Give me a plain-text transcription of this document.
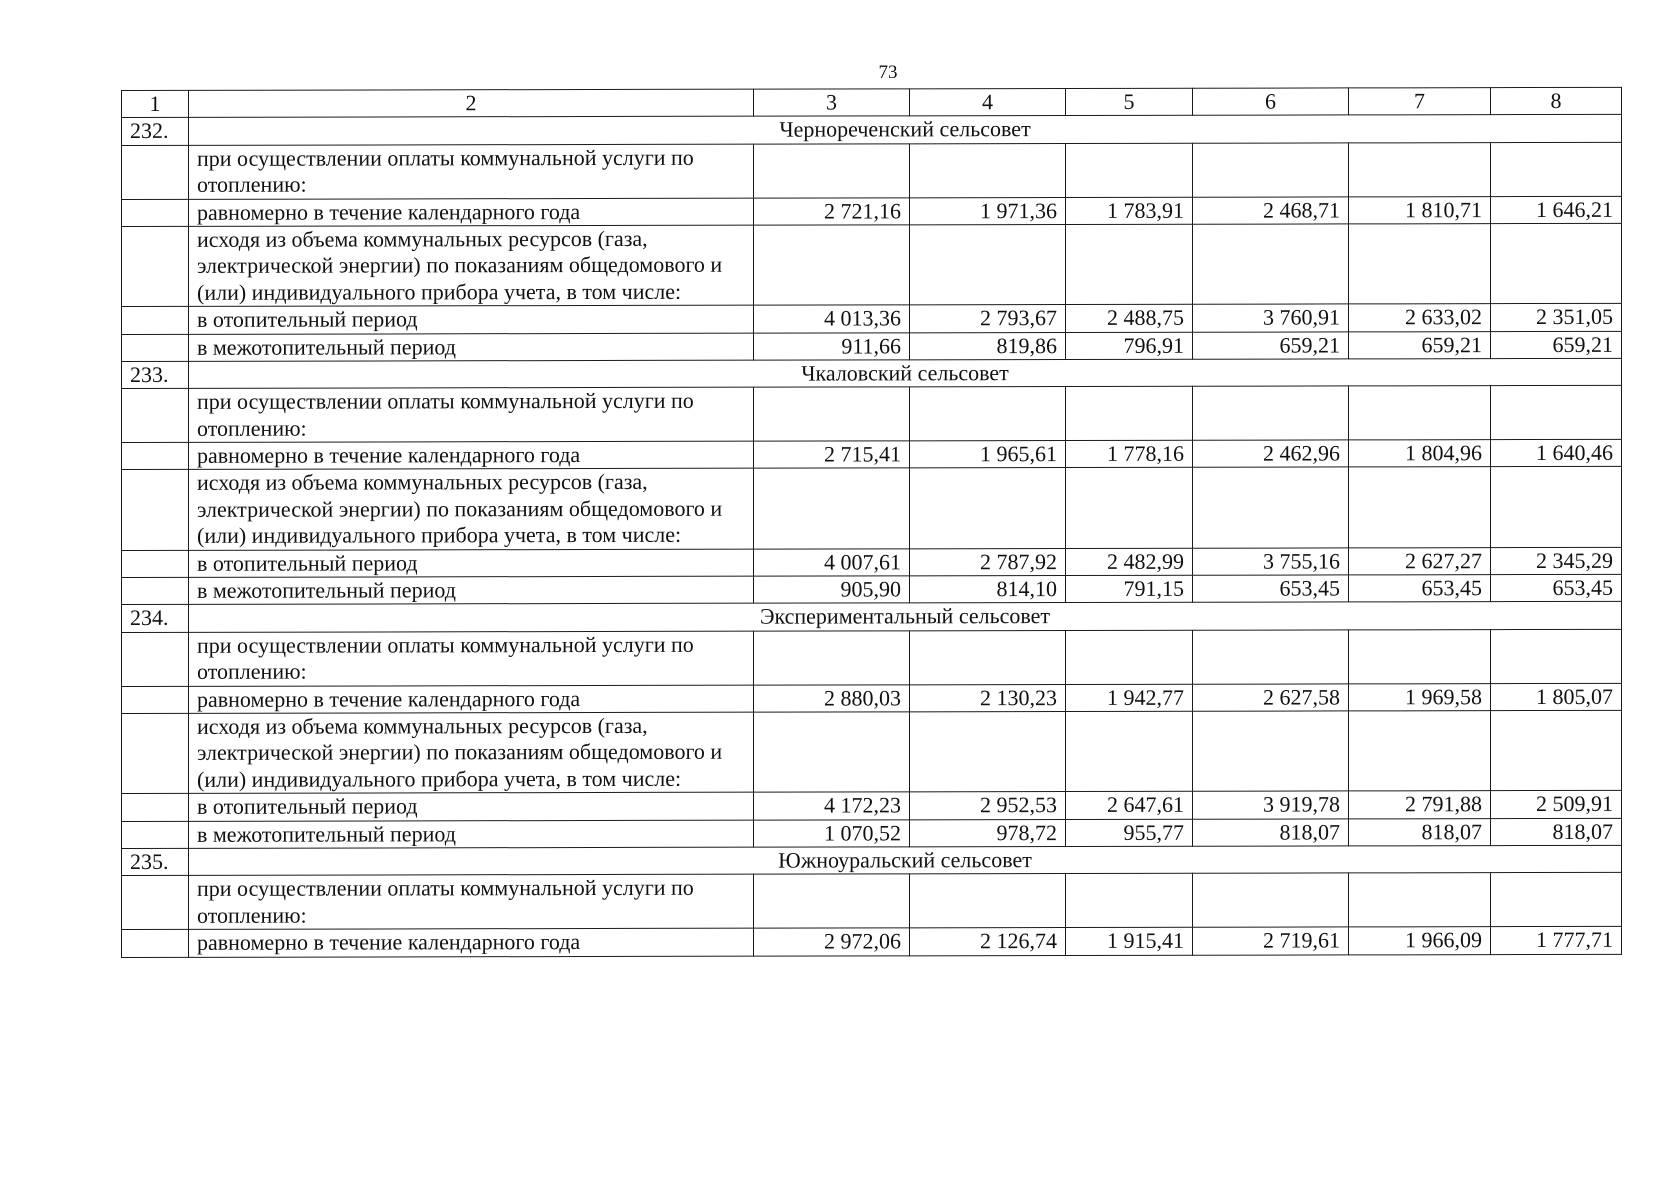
73
1	2	3	4	5	6	7	8
232.	Чернореченский сельсовет						
	при осуществлении оплаты коммунальной услуги по отоплению:						
	равномерно в течение календарного года	2 721,16	1 971,36	1 783,91	2 468,71	1 810,71	1 646,21
	исходя из объема коммунальных ресурсов (газа, электрической энергии) по показаниям общедомового и (или) индивидуального прибора учета, в том числе:						
	в отопительный период	4 013,36	2 793,67	2 488,75	3 760,91	2 633,02	2 351,05
	в межотопительный период	911,66	819,86	796,91	659,21	659,21	659,21
233.	Чкаловский сельсовет						
	при осуществлении оплаты коммунальной услуги по отоплению:						
	равномерно в течение календарного года	2 715,41	1 965,61	1 778,16	2 462,96	1 804,96	1 640,46
	исходя из объема коммунальных ресурсов (газа, электрической энергии) по показаниям общедомового и (или) индивидуального прибора учета, в том числе:						
	в отопительный период	4 007,61	2 787,92	2 482,99	3 755,16	2 627,27	2 345,29
	в межотопительный период	905,90	814,10	791,15	653,45	653,45	653,45
234.	Экспериментальный сельсовет						
	при осуществлении оплаты коммунальной услуги по отоплению:						
	равномерно в течение календарного года	2 880,03	2 130,23	1 942,77	2 627,58	1 969,58	1 805,07
	исходя из объема коммунальных ресурсов (газа, электрической энергии) по показаниям общедомового и (или) индивидуального прибора учета, в том числе:						
	в отопительный период	4 172,23	2 952,53	2 647,61	3 919,78	2 791,88	2 509,91
	в межотопительный период	1 070,52	978,72	955,77	818,07	818,07	818,07
235.	Южноуральский сельсовет						
	при осуществлении оплаты коммунальной услуги по отоплению:						
	равномерно в течение календарного года	2 972,06	2 126,74	1 915,41	2 719,61	1 966,09	1 777,71
